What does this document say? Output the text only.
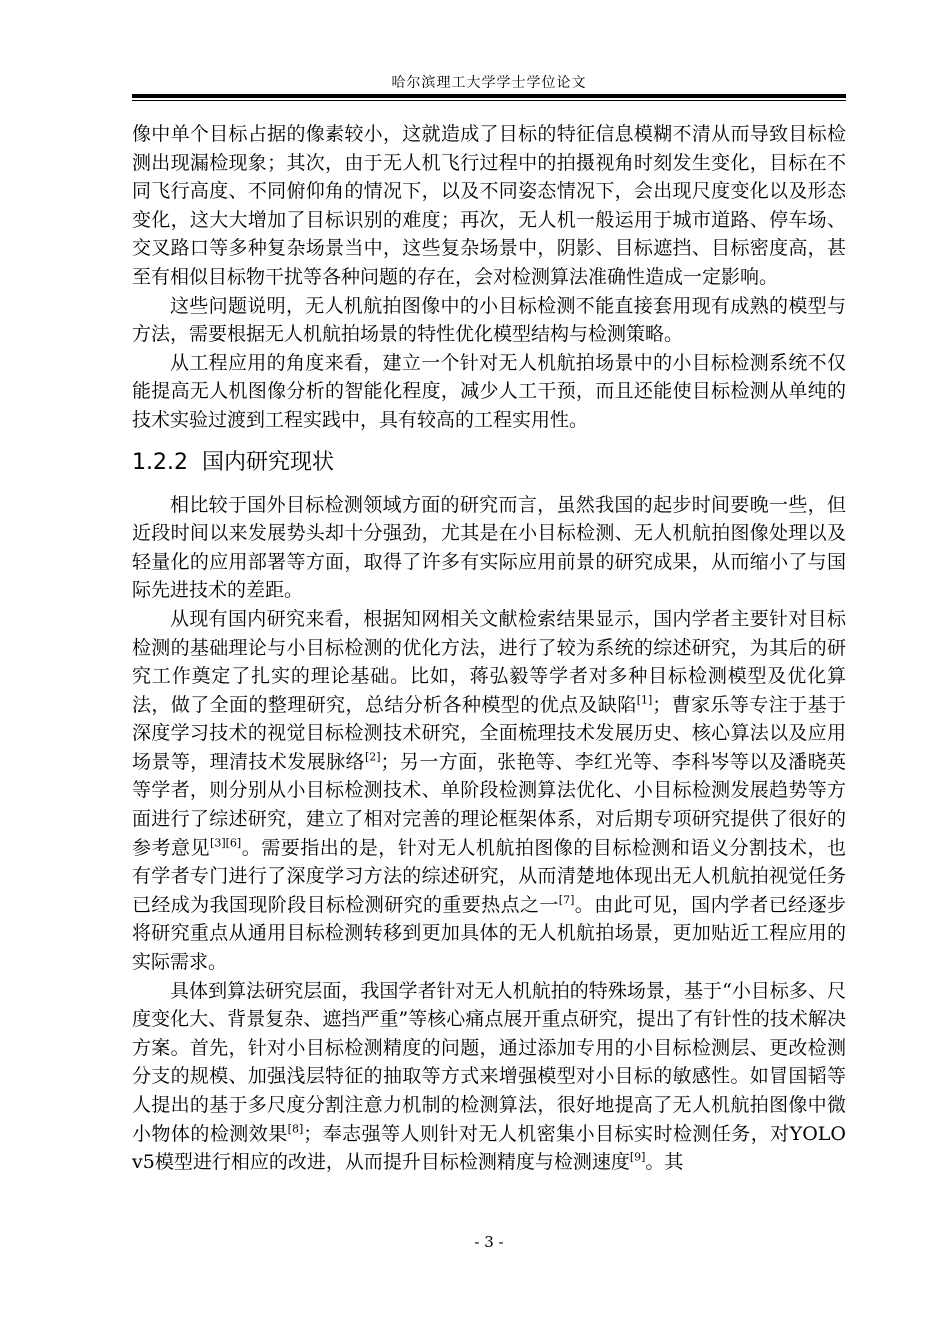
哈尔滨理工大学学士学位论文

像中单个目标占据的像素较小，这就造成了目标的特征信息模糊不清从而导致目标检测出现漏检现象；其次，由于无人机飞行过程中的拍摄视角时刻发生变化，目标在不同飞行高度、不同俯仰角的情况下，以及不同姿态情况下，会出现尺度变化以及形态变化，这大大增加了目标识别的难度；再次，无人机一般运用于城市道路、停车场、交叉路口等多种复杂场景当中，这些复杂场景中，阴影、目标遮挡、目标密度高，甚至有相似目标物干扰等各种问题的存在，会对检测算法准确性造成一定影响。

这些问题说明，无人机航拍图像中的小目标检测不能直接套用现有成熟的模型与方法，需要根据无人机航拍场景的特性优化模型结构与检测策略。

从工程应用的角度来看，建立一个针对无人机航拍场景中的小目标检测系统不仅能提高无人机图像分析的智能化程度，减少人工干预，而且还能使目标检测从单纯的技术实验过渡到工程实践中，具有较高的工程实用性。

1.2.2 国内研究现状

相比较于国外目标检测领域方面的研究而言，虽然我国的起步时间要晚一些，但近段时间以来发展势头却十分强劲，尤其是在小目标检测、无人机航拍图像处理以及轻量化的应用部署等方面，取得了许多有实际应用前景的研究成果，从而缩小了与国际先进技术的差距。

从现有国内研究来看，根据知网相关文献检索结果显示，国内学者主要针对目标检测的基础理论与小目标检测的优化方法，进行了较为系统的综述研究，为其后的研究工作奠定了扎实的理论基础。比如，蒋弘毅等学者对多种目标检测模型及优化算法，做了全面的整理研究，总结分析各种模型的优点及缺陷[1]；曹家乐等专注于基于深度学习技术的视觉目标检测技术研究，全面梳理技术发展历史、核心算法以及应用场景等，理清技术发展脉络[2]；另一方面，张艳等、李红光等、李科岑等以及潘晓英等学者，则分别从小目标检测技术、单阶段检测算法优化、小目标检测发展趋势等方面进行了综述研究，建立了相对完善的理论框架体系，对后期专项研究提供了很好的参考意见[3][6]。需要指出的是，针对无人机航拍图像的目标检测和语义分割技术，也有学者专门进行了深度学习方法的综述研究，从而清楚地体现出无人机航拍视觉任务已经成为我国现阶段目标检测研究的重要热点之一[7]。由此可见，国内学者已经逐步将研究重点从通用目标检测转移到更加具体的无人机航拍场景，更加贴近工程应用的实际需求。

具体到算法研究层面，我国学者针对无人机航拍的特殊场景，基于“小目标多、尺度变化大、背景复杂、遮挡严重”等核心痛点展开重点研究，提出了有针性的技术解决方案。首先，针对小目标检测精度的问题，通过添加专用的小目标检测层、更改检测分支的规模、加强浅层特征的抽取等方式来增强模型对小目标的敏感性。如冒国韬等人提出的基于多尺度分割注意力机制的检测算法，很好地提高了无人机航拍图像中微小物体的检测效果[8]；奉志强等人则针对无人机密集小目标实时检测任务，对YOLO v5模型进行相应的改进，从而提升目标检测精度与检测速度[9]。其

- 3 -
